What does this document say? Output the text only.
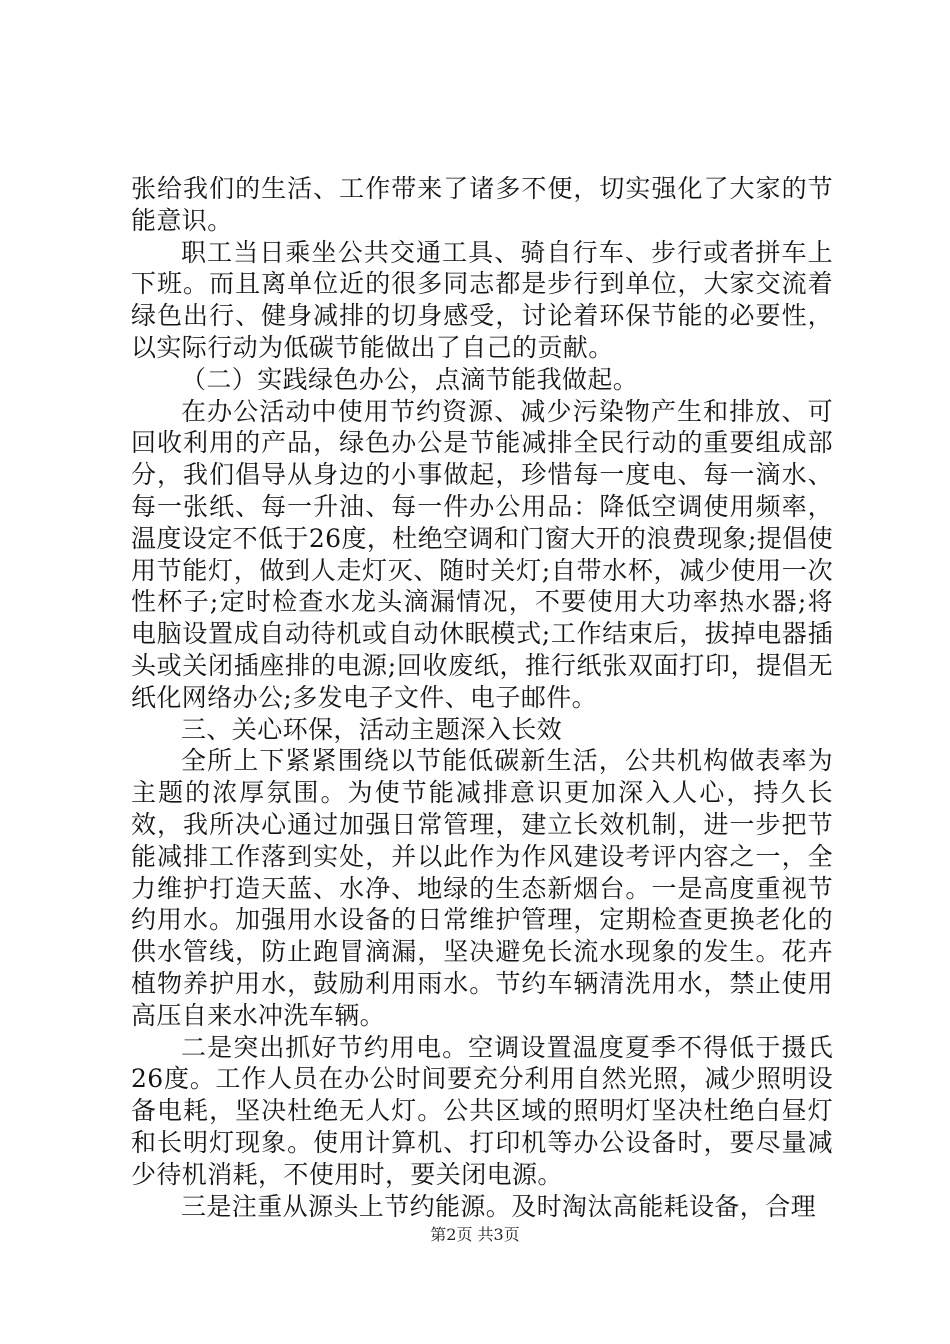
张给我们的生活、工作带来了诸多不便，切实强化了大家的节能意识。

职工当日乘坐公共交通工具、骑自行车、步行或者拼车上下班。而且离单位近的很多同志都是步行到单位，大家交流着绿色出行、健身减排的切身感受，讨论着环保节能的必要性，以实际行动为低碳节能做出了自己的贡献。

（二）实践绿色办公，点滴节能我做起。

在办公活动中使用节约资源、减少污染物产生和排放、可回收利用的产品，绿色办公是节能减排全民行动的重要组成部分，我们倡导从身边的小事做起，珍惜每一度电、每一滴水、每一张纸、每一升油、每一件办公用品：降低空调使用频率，温度设定不低于26度，杜绝空调和门窗大开的浪费现象;提倡使用节能灯，做到人走灯灭、随时关灯;自带水杯，减少使用一次性杯子;定时检查水龙头滴漏情况，不要使用大功率热水器;将电脑设置成自动待机或自动休眠模式;工作结束后，拔掉电器插头或关闭插座排的电源;回收废纸，推行纸张双面打印，提倡无纸化网络办公;多发电子文件、电子邮件。

三、关心环保，活动主题深入长效

全所上下紧紧围绕以节能低碳新生活，公共机构做表率为主题的浓厚氛围。为使节能减排意识更加深入人心，持久长效，我所决心通过加强日常管理，建立长效机制，进一步把节能减排工作落到实处，并以此作为作风建设考评内容之一，全力维护打造天蓝、水净、地绿的生态新烟台。一是高度重视节约用水。加强用水设备的日常维护管理，定期检查更换老化的供水管线，防止跑冒滴漏，坚决避免长流水现象的发生。花卉植物养护用水，鼓励利用雨水。节约车辆清洗用水，禁止使用高压自来水冲洗车辆。

二是突出抓好节约用电。空调设置温度夏季不得低于摄氏26度。工作人员在办公时间要充分利用自然光照，减少照明设备电耗，坚决杜绝无人灯。公共区域的照明灯坚决杜绝白昼灯和长明灯现象。使用计算机、打印机等办公设备时，要尽量减少待机消耗，不使用时，要关闭电源。

三是注重从源头上节约能源。及时淘汰高能耗设备，合理

第2页 共3页
